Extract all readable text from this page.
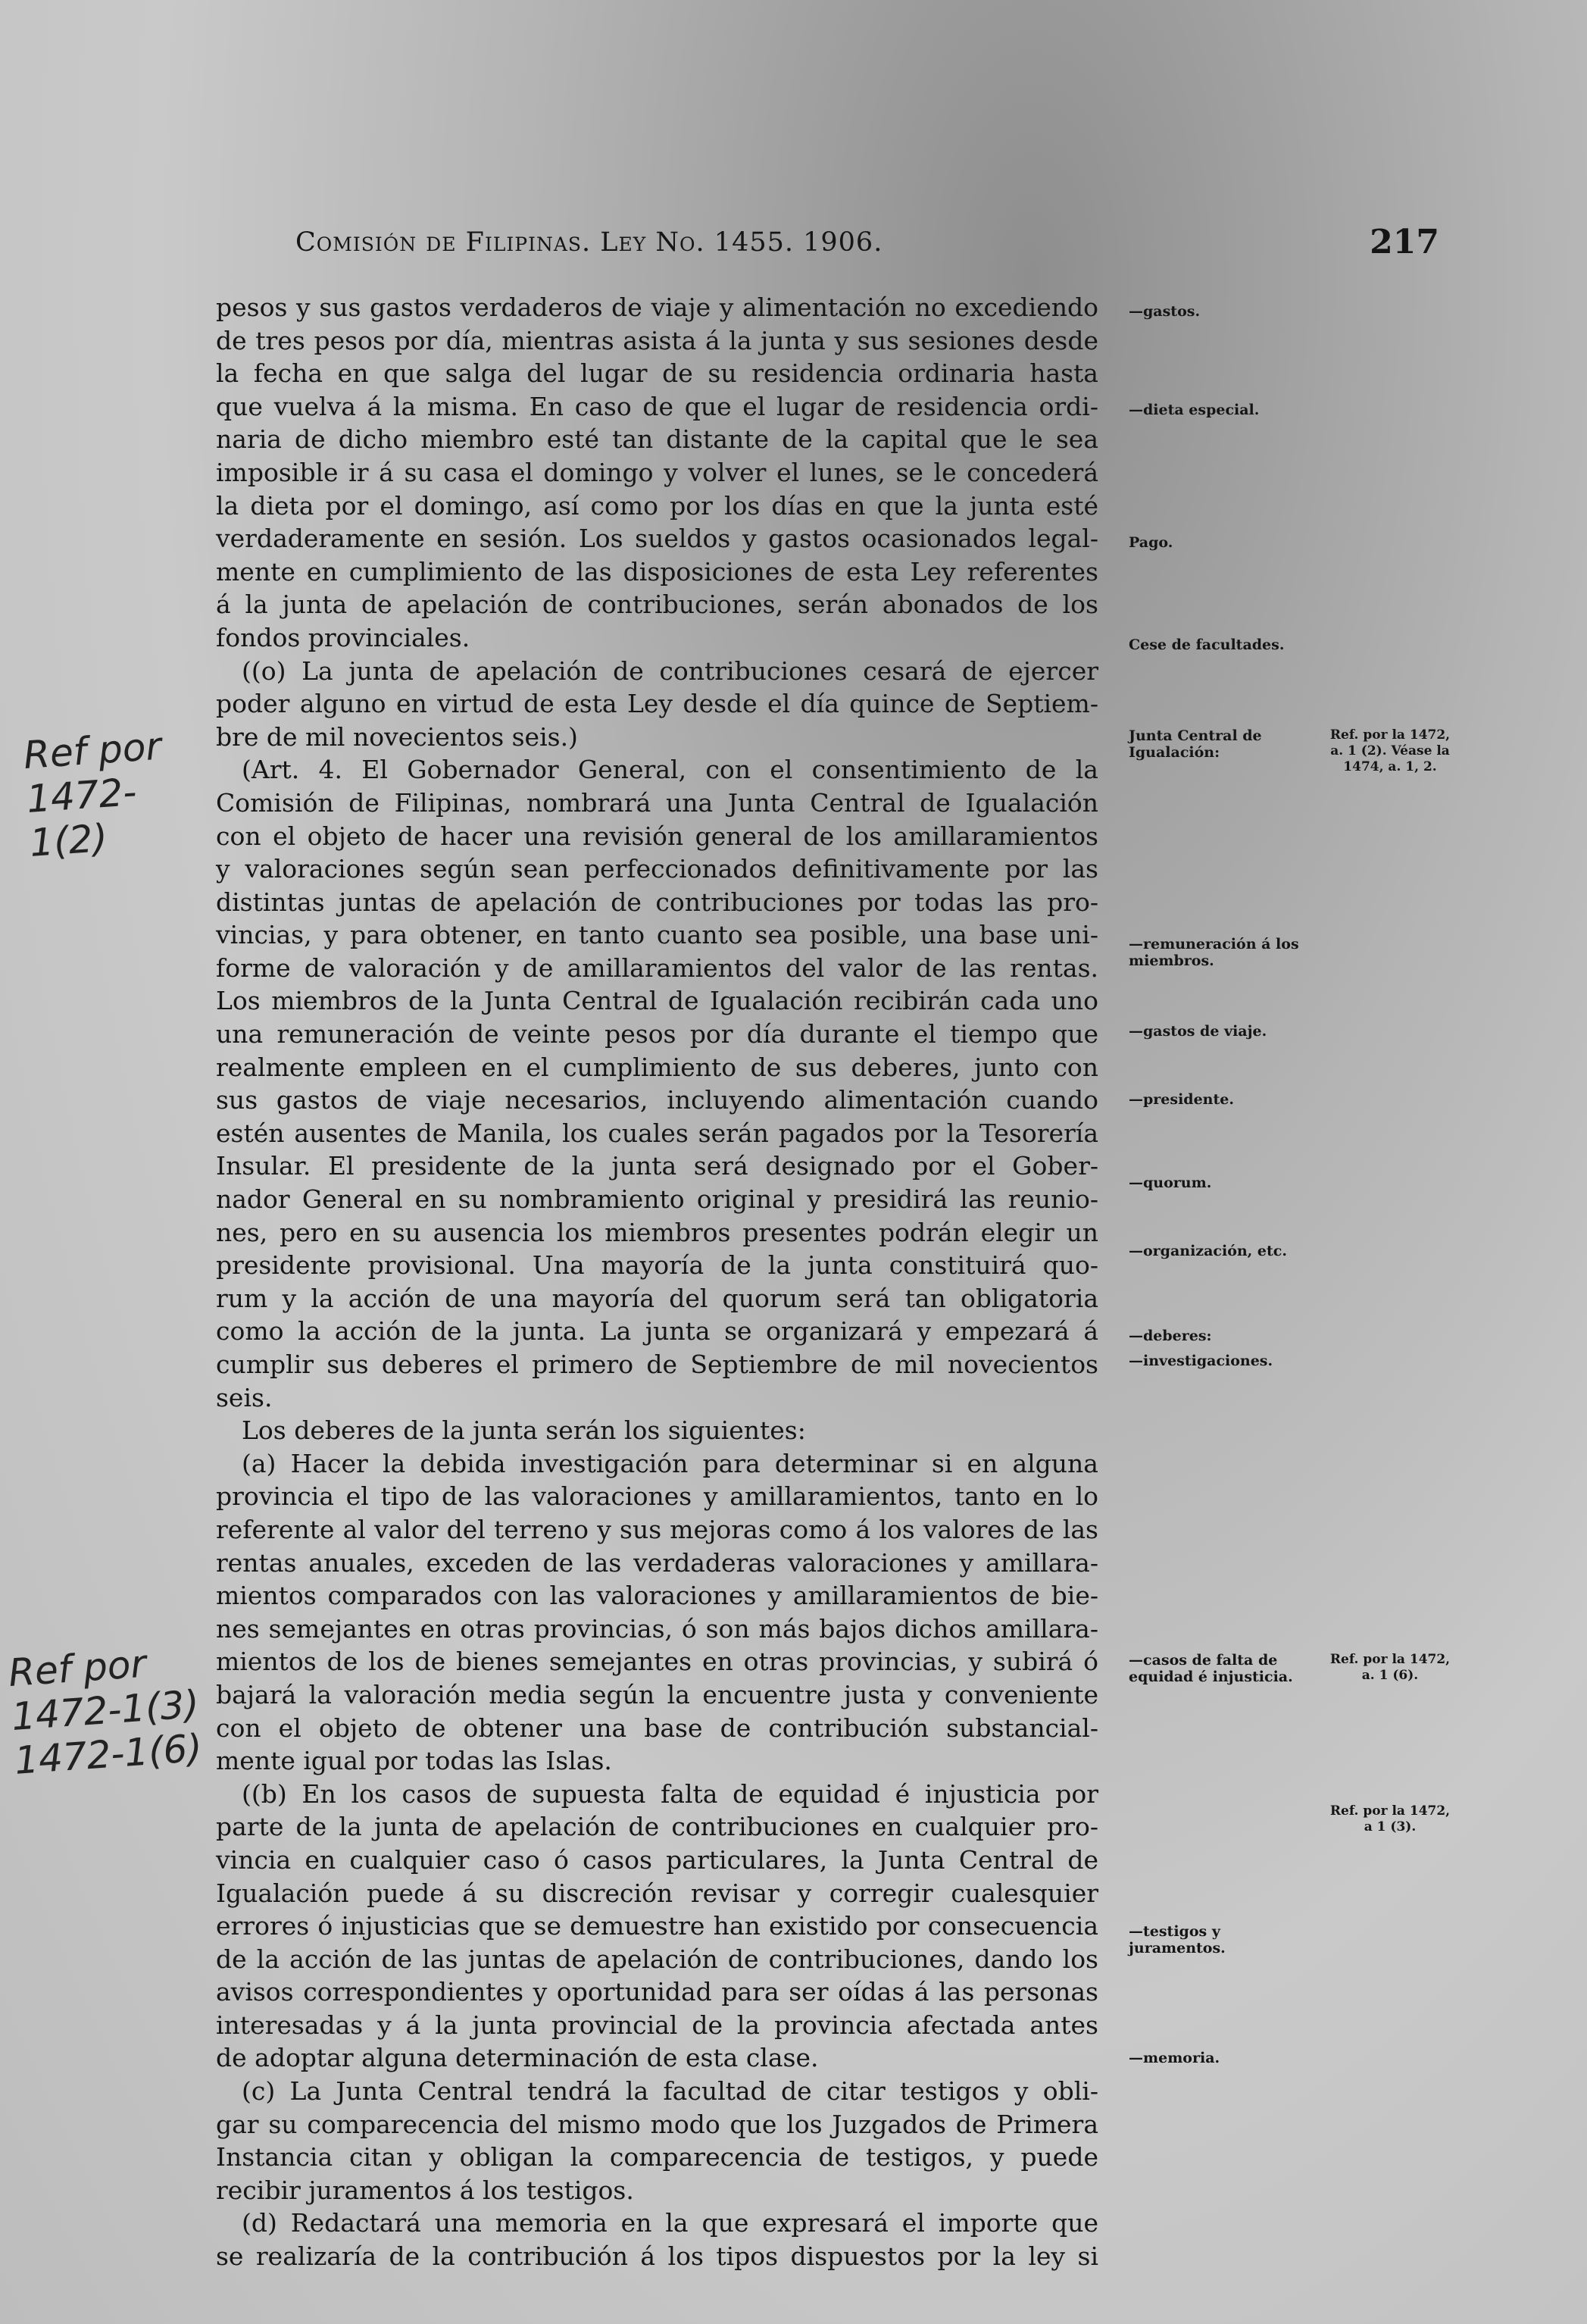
Comisión de Filipinas. Ley No. 1455. 1906.	217
pesos y sus gastos verdaderos de viaje y alimentación no excediendo
de tres pesos por día, mientras asista á la junta y sus sesiones desde
la fecha en que salga del lugar de su residencia ordinaria hasta
que vuelva á la misma. En caso de que el lugar de residencia ordi-
naria de dicho miembro esté tan distante de la capital que le sea
imposible ir á su casa el domingo y volver el lunes, se le concederá
la dieta por el domingo, así como por los días en que la junta esté
verdaderamente en sesión. Los sueldos y gastos ocasionados legal-
mente en cumplimiento de las disposiciones de esta Ley referentes
á la junta de apelación de contribuciones, serán abonados de los
fondos provinciales.
((o) La junta de apelación de contribuciones cesará de ejercer
poder alguno en virtud de esta Ley desde el día quince de Septiem-
bre de mil novecientos seis.)
(Art. 4. El Gobernador General, con el consentimiento de la
Comisión de Filipinas, nombrará una Junta Central de Igualación
con el objeto de hacer una revisión general de los amillaramientos
y valoraciones según sean perfeccionados definitivamente por las
distintas juntas de apelación de contribuciones por todas las pro-
vincias, y para obtener, en tanto cuanto sea posible, una base uni-
forme de valoración y de amillaramientos del valor de las rentas.
Los miembros de la Junta Central de Igualación recibirán cada uno
una remuneración de veinte pesos por día durante el tiempo que
realmente empleen en el cumplimiento de sus deberes, junto con
sus gastos de viaje necesarios, incluyendo alimentación cuando
estén ausentes de Manila, los cuales serán pagados por la Tesorería
Insular. El presidente de la junta será designado por el Gober-
nador General en su nombramiento original y presidirá las reunio-
nes, pero en su ausencia los miembros presentes podrán elegir un
presidente provisional. Una mayoría de la junta constituirá quo-
rum y la acción de una mayoría del quorum será tan obligatoria
como la acción de la junta. La junta se organizará y empezará á
cumplir sus deberes el primero de Septiembre de mil novecientos
seis.
Los deberes de la junta serán los siguientes:
(a) Hacer la debida investigación para determinar si en alguna
provincia el tipo de las valoraciones y amillaramientos, tanto en lo
referente al valor del terreno y sus mejoras como á los valores de las
rentas anuales, exceden de las verdaderas valoraciones y amillara-
mientos comparados con las valoraciones y amillaramientos de bie-
nes semejantes en otras provincias, ó son más bajos dichos amillara-
mientos de los de bienes semejantes en otras provincias, y subirá ó
bajará la valoración media según la encuentre justa y conveniente
con el objeto de obtener una base de contribución substancial-
mente igual por todas las Islas.
((b) En los casos de supuesta falta de equidad é injusticia por
parte de la junta de apelación de contribuciones en cualquier pro-
vincia en cualquier caso ó casos particulares, la Junta Central de
Igualación puede á su discreción revisar y corregir cualesquier
errores ó injusticias que se demuestre han existido por consecuencia
de la acción de las juntas de apelación de contribuciones, dando los
avisos correspondientes y oportunidad para ser oídas á las personas
interesadas y á la junta provincial de la provincia afectada antes
de adoptar alguna determinación de esta clase.
(c) La Junta Central tendrá la facultad de citar testigos y obli-
gar su comparecencia del mismo modo que los Juzgados de Primera
Instancia citan y obligan la comparecencia de testigos, y puede
recibir juramentos á los testigos.
(d) Redactará una memoria en la que expresará el importe que
se realizaría de la contribución á los tipos dispuestos por la ley si
—gastos.
—dieta especial.
Pago.
Cese de facultades.
Junta Central de Igualación:
—remuneración á los miembros.
—gastos de viaje.
—presidente.
—quorum.
—organización, etc.
—deberes:
—investigaciones.
—casos de falta de equidad é injusticia.
—testigos y juramentos.
—memoria.
Ref. por la 1472, a. 1 (2). Véase la 1474, a. 1, 2.
Ref. por la 1472, a. 1 (6).
Ref. por la 1472, a 1 (3).
Ref por 1472-1(2)
Ref por 1472-1(3) 1472-1(6)
